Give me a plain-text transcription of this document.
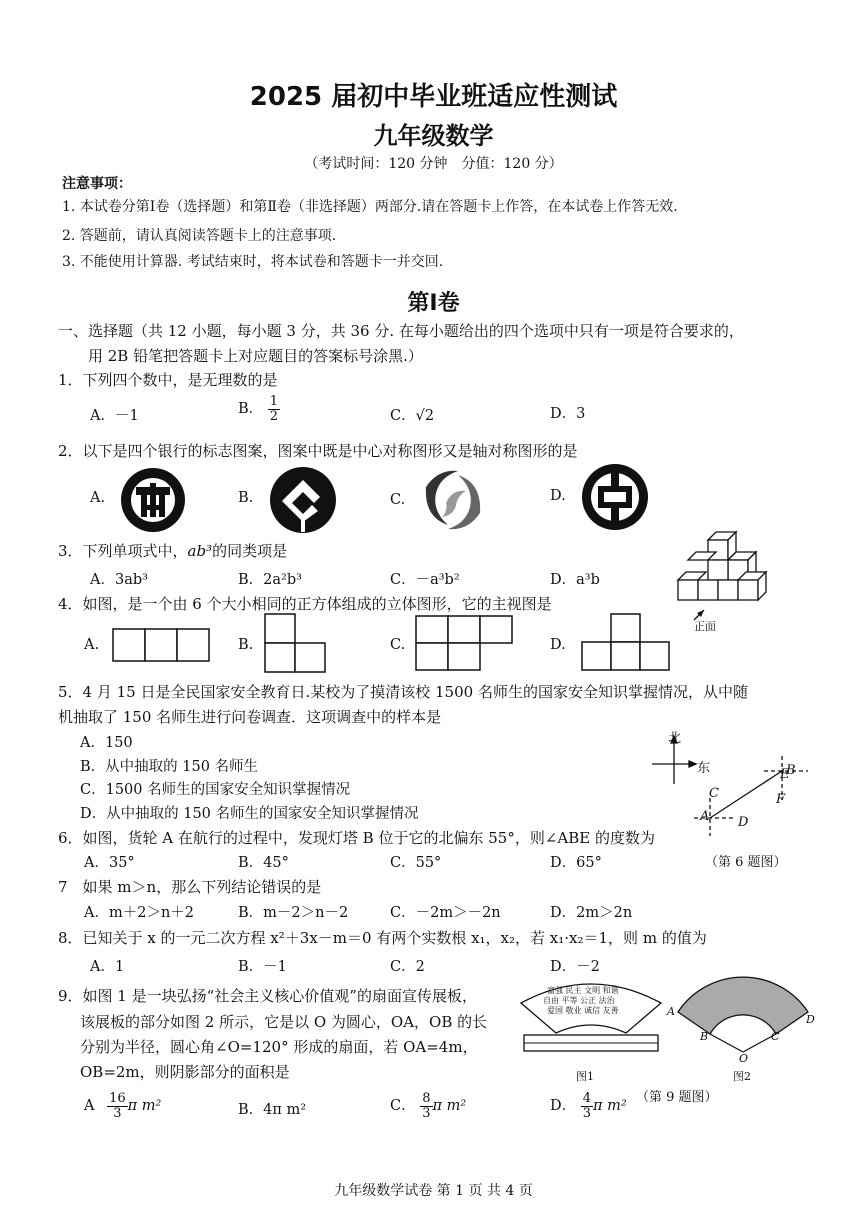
2025 届初中毕业班适应性测试
九年级数学
（考试时间：120 分钟　分值：120 分）
注意事项：
1. 本试卷分第Ⅰ卷（选择题）和第Ⅱ卷（非选择题）两部分.请在答题卡上作答，在本试卷上作答无效.
2. 答题前，请认真阅读答题卡上的注意事项.
3. 不能使用计算器. 考试结束时，将本试卷和答题卡一并交回.
第Ⅰ卷
一、选择题（共 12 小题，每小题 3 分，共 36 分. 在每小题给出的四个选项中只有一项是符合要求的，
用 2B 铅笔把答题卡上对应题目的答案标号涂黑.）
1．下列四个数中，是无理数的是
A．－1	B． $\frac{1}{2}$	C．√2	D．3
2．以下是四个银行的标志图案，图案中既是中心对称图形又是轴对称图形的是
A.	B.	C.	D.
3．下列单项式中，ab³的同类项是
A．3ab³	B．2a²b³	C．－a³b²	D．a³b
正面
4．如图，是一个由 6 个大小相同的正方体组成的立体图形，它的主视图是
A.	B.	C.	D.
5．4 月 15 日是全民国家安全教育日.某校为了摸清该校 1500 名师生的国家安全知识掌握情况，从中随
机抽取了 150 名师生进行问卷调查．这项调查中的样本是
A．150
B．从中抽取的 150 名师生
C．1500 名师生的国家安全知识掌握情况
D．从中抽取的 150 名师生的国家安全知识掌握情况
北
东	E
B
F
C
A D
（第 6 题图）
6．如图，货轮 A 在航行的过程中，发现灯塔 B 位于它的北偏东 55°，则∠ABE 的度数为
A．35°	B．45°	C．55°	D．65°
7　如果 m＞n，那么下列结论错误的是
A．m＋2＞n＋2	B．m－2＞n－2	C．－2m＞－2n	D．2m＞2n
8．已知关于 x 的一元二次方程 x²＋3x－m＝0 有两个实数根 x₁，x₂，若 x₁·x₂＝1，则 m 的值为
A．1	B．－1	C．2	D．－2
9．如图 1 是一块弘扬“社会主义核心价值观”的扇面宣传展板，
该展板的部分如图 2 所示，它是以 O 为圆心，OA，OB 的长
分别为半径，圆心角∠O=120° 形成的扇面，若 OA=4m，
OB=2m，则阴影部分的面积是
A $\frac{16}{3}$ π m²	B．4π m²	C． $\frac{8}{3}$ π m²	D． $\frac{4}{3}$ π m²
富强 民主 文明 和谐
自由 平等 公正 法治
爱国 敬业 诚信 友善
图1
A
B	C
D
O
图2
（第 9 题图）
九年级数学试卷 第 1 页 共 4 页
